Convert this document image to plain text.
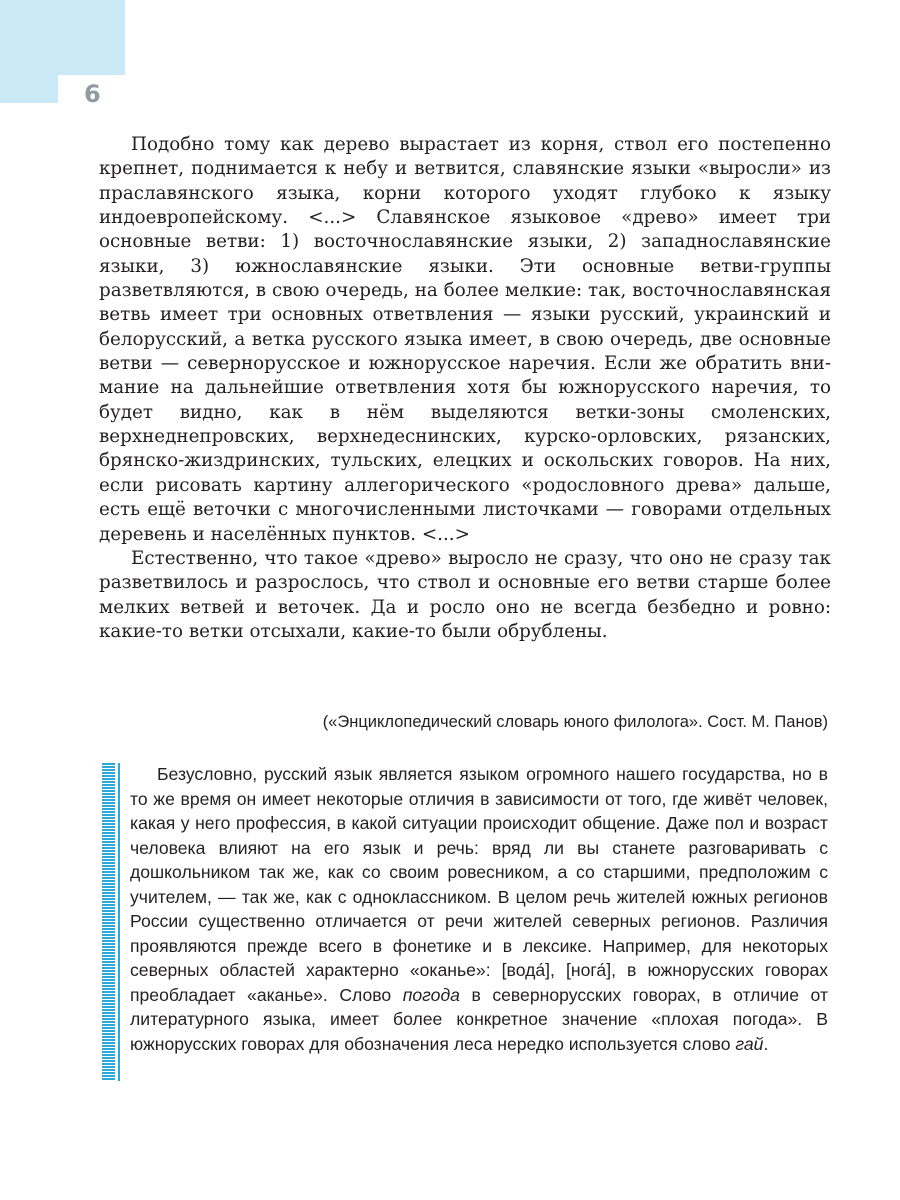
6

Подобно тому как дерево вырастает из корня, ствол его постепенно крепнет, поднимается к небу и ветвится, славянские языки «выросли» из праславянского языка, корни которого уходят глубоко к языку индоевропейскому. <...> Славянское языковое «древо» имеет три основные ветви: 1) восточнославянские языки, 2) западнославянские языки, 3) южнославянские языки. Эти основные ветви-группы разветвляются, в свою очередь, на более мелкие: так, восточнославянская ветвь имеет три основных ответвления — языки русский, украинский и белорусский, а ветка русского языка имеет, в свою очередь, две основные ветви — севернорусское и южнорусское наречия. Если же обратить внимание на дальнейшие ответвления хотя бы южнорусского наречия, то будет видно, как в нём выделяются ветки-зоны смоленских, верхнеднепровских, верхнедеснинских, курско-орловских, рязанских, брянско-жиздринских, тульских, елецких и оскольских говоров. На них, если рисовать картину аллегорического «родословного древа» дальше, есть ещё веточки с многочисленными листочками — говорами отдельных деревень и населённых пунктов. <...>

Естественно, что такое «древо» выросло не сразу, что оно не сразу так разветвилось и разрослось, что ствол и основные его ветви старше более мелких ветвей и веточек. Да и росло оно не всегда безбедно и ровно: какие-то ветки отсыхали, какие-то были обрублены.

(«Энциклопедический словарь юного филолога». Сост. М. Панов)

Безусловно, русский язык является языком огромного нашего государства, но в то же время он имеет некоторые отличия в зависимости от того, где живёт человек, какая у него профессия, в какой ситуации происходит общение. Даже пол и возраст человека влияют на его язык и речь: вряд ли вы станете разговаривать с дошкольником так же, как со своим ровесником, а со старшими, предположим с учителем, — так же, как с одноклассником. В целом речь жителей южных регионов России существенно отличается от речи жителей северных регионов. Различия проявляются прежде всего в фонетике и в лексике. Например, для некоторых северных областей характерно «оканье»: [вода́], [нога́], в южнорусских говорах преобладает «аканье». Слово погода в севернорусских говорах, в отличие от литературного языка, имеет более конкретное значение «плохая погода». В южнорусских говорах для обозначения леса нередко используется слово гай.
